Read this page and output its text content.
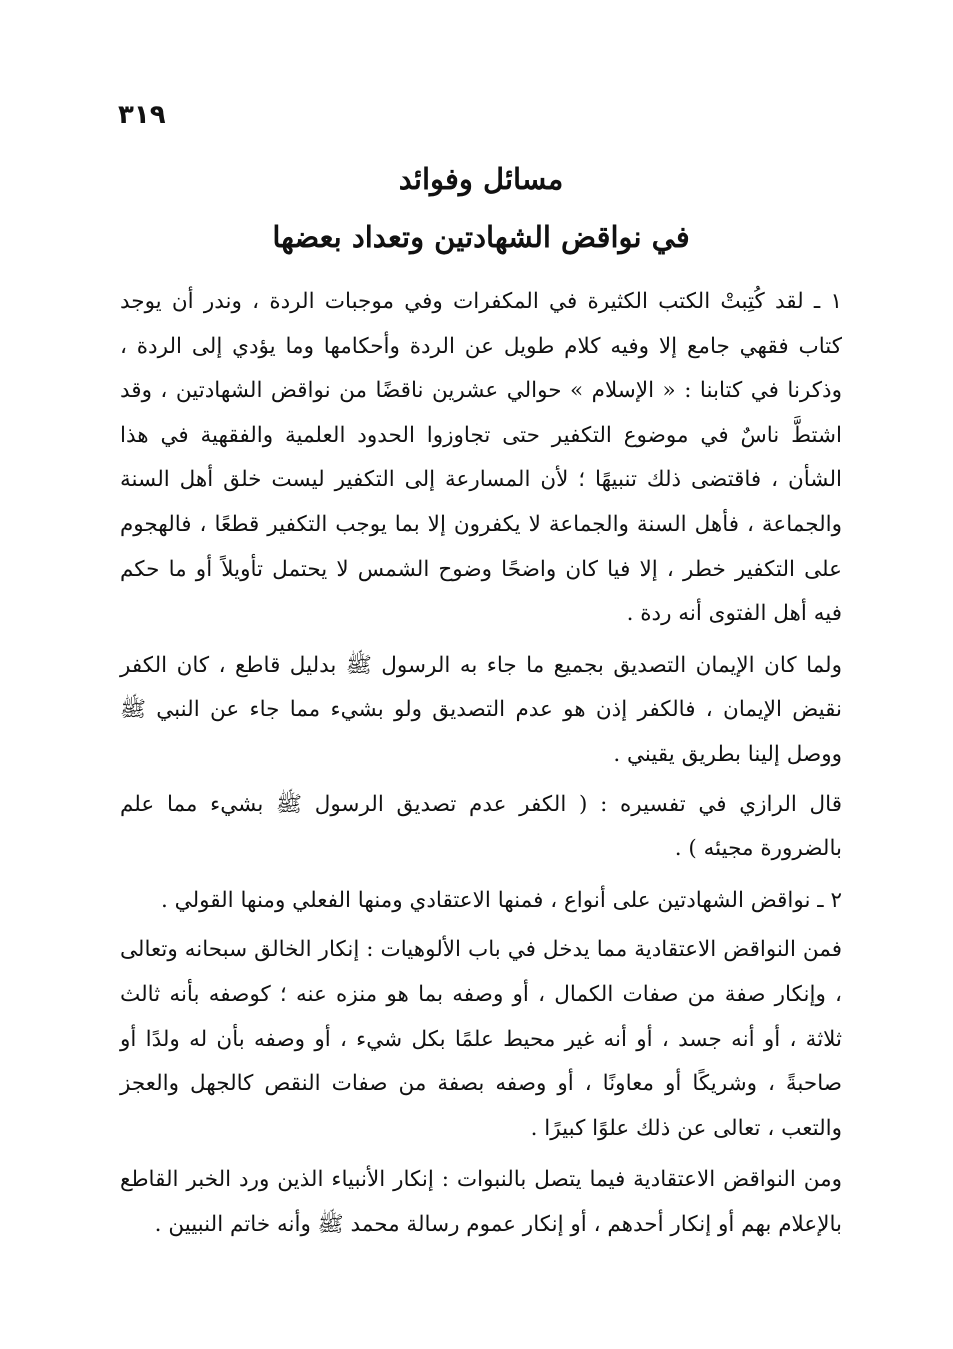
٣١٩
مسائل وفوائد
في نواقض الشهادتين وتعداد بعضها

١ ـ لقد كُتِبتْ الكتب الكثيرة في المكفرات وفي موجبات الردة ، وندر أن يوجد كتاب فقهي جامع إلا وفيه كلام طويل عن الردة وأحكامها وما يؤدي إلى الردة ، وذكرنا في كتابنا : « الإسلام » حوالي عشرين ناقضًا من نواقض الشهادتين ، وقد اشتطَّ ناسٌ في موضوع التكفير حتى تجاوزوا الحدود العلمية والفقهية في هذا الشأن ، فاقتضى ذلك تنبيهًا ؛ لأن المسارعة إلى التكفير ليست خلق أهل السنة والجماعة ، فأهل السنة والجماعة لا يكفرون إلا بما يوجب التكفير قطعًا ، فالهجوم على التكفير خطر ، إلا فيا كان واضحًا وضوح الشمس لا يحتمل تأويلاً أو ما حكم فيه أهل الفتوى أنه ردة .

ولما كان الإيمان التصديق بجميع ما جاء به الرسول ﷺ بدليل قاطع ، كان الكفر نقيض الإيمان ، فالكفر إذن هو عدم التصديق ولو بشيء مما جاء عن النبي ﷺ ووصل إلينا بطريق يقيني .

قال الرازي في تفسيره : ( الكفر عدم تصديق الرسول ﷺ بشيء مما علم بالضرورة مجيئه ) .

٢ ـ نواقض الشهادتين على أنواع ، فمنها الاعتقادي ومنها الفعلي ومنها القولي .

فمن النواقض الاعتقادية مما يدخل في باب الألوهيات : إنكار الخالق سبحانه وتعالى ، وإنكار صفة من صفات الكمال ، أو وصفه بما هو منزه عنه ؛ كوصفه بأنه ثالث ثلاثة ، أو أنه جسد ، أو أنه غير محيط علمًا بكل شيء ، أو وصفه بأن له ولدًا أو صاحبةً ، وشريكًا أو معاونًا ، أو وصفه بصفة من صفات النقص كالجهل والعجز والتعب ، تعالى عن ذلك علوًا كبيرًا .

ومن النواقض الاعتقادية فيما يتصل بالنبوات : إنكار الأنبياء الذين ورد الخبر القاطع بالإعلام بهم أو إنكار أحدهم ، أو إنكار عموم رسالة محمد ﷺ وأنه خاتم النبيين .
